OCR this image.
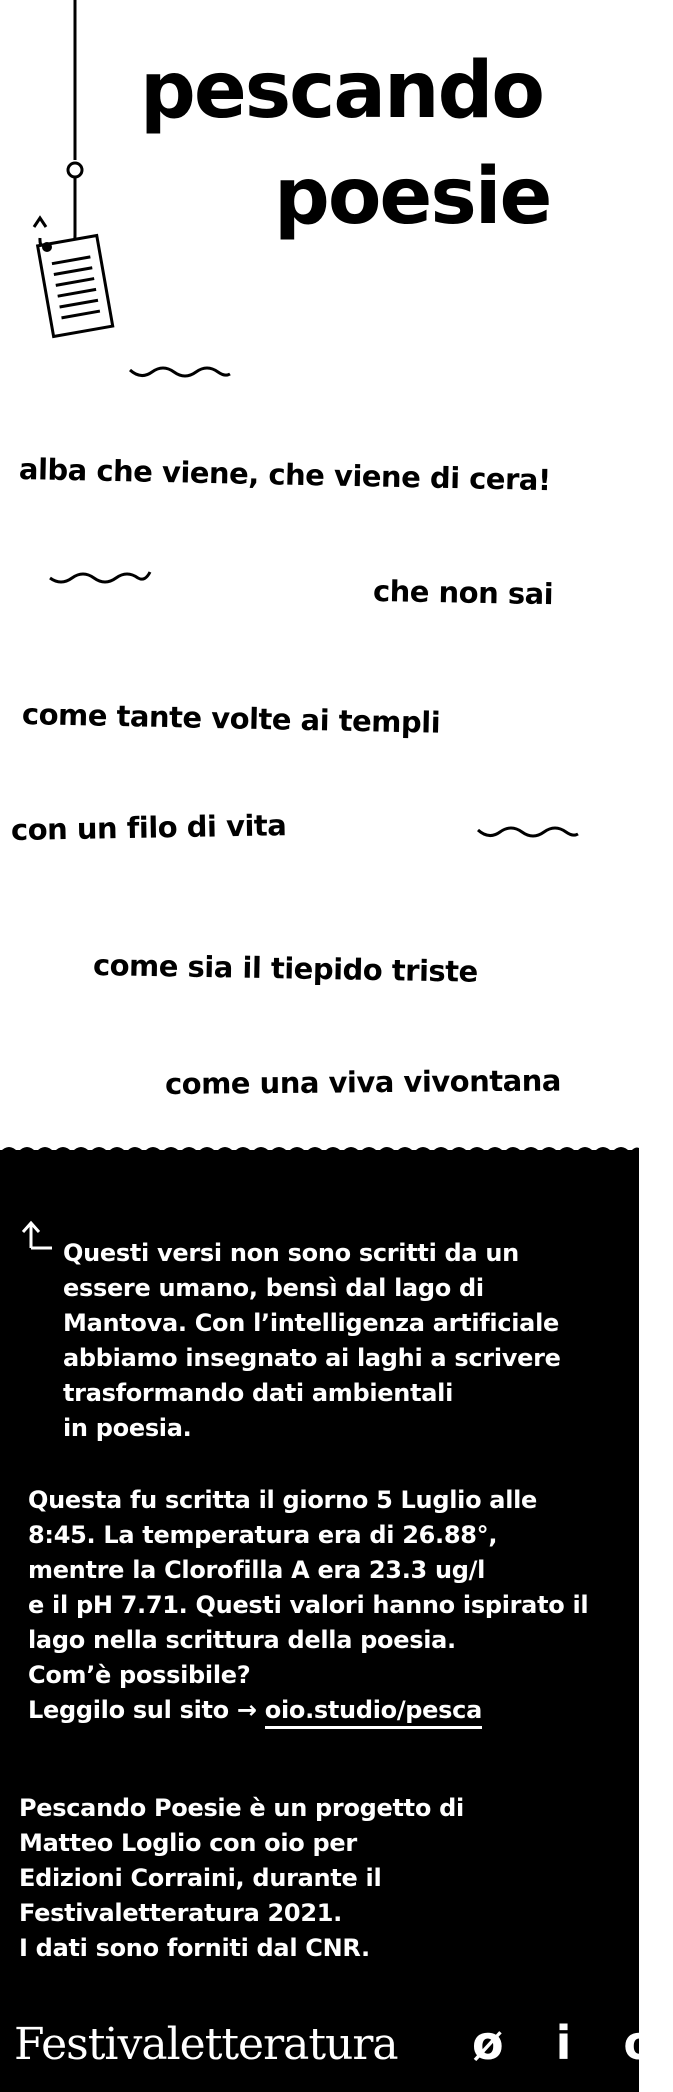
pescando
poesie
alba che viene, che viene di cera!
che non sai
come tante volte ai templi
con un filo di vita
come sia il tiepido triste
come una viva vivontana
Questi versi non sono scritti da un
essere umano, bensì dal lago di
Mantova. Con l’intelligenza artificiale
abbiamo insegnato ai laghi a scrivere
trasformando dati ambientali
in poesia.
Questa fu scritta il giorno 5 Luglio alle
8:45. La temperatura era di 26.88°,
mentre la Clorofilla A era 23.3 ug/l
e il pH 7.71. Questi valori hanno ispirato il
lago nella scrittura della poesia.
Com’è possibile?
Leggilo sul sito → oio.studio/pesca
Pescando Poesie è un progetto di
Matteo Loglio con oio per
Edizioni Corraini, durante il
Festivaletteratura 2021.
I dati sono forniti dal CNR.
Festivaletteratura ø i o
